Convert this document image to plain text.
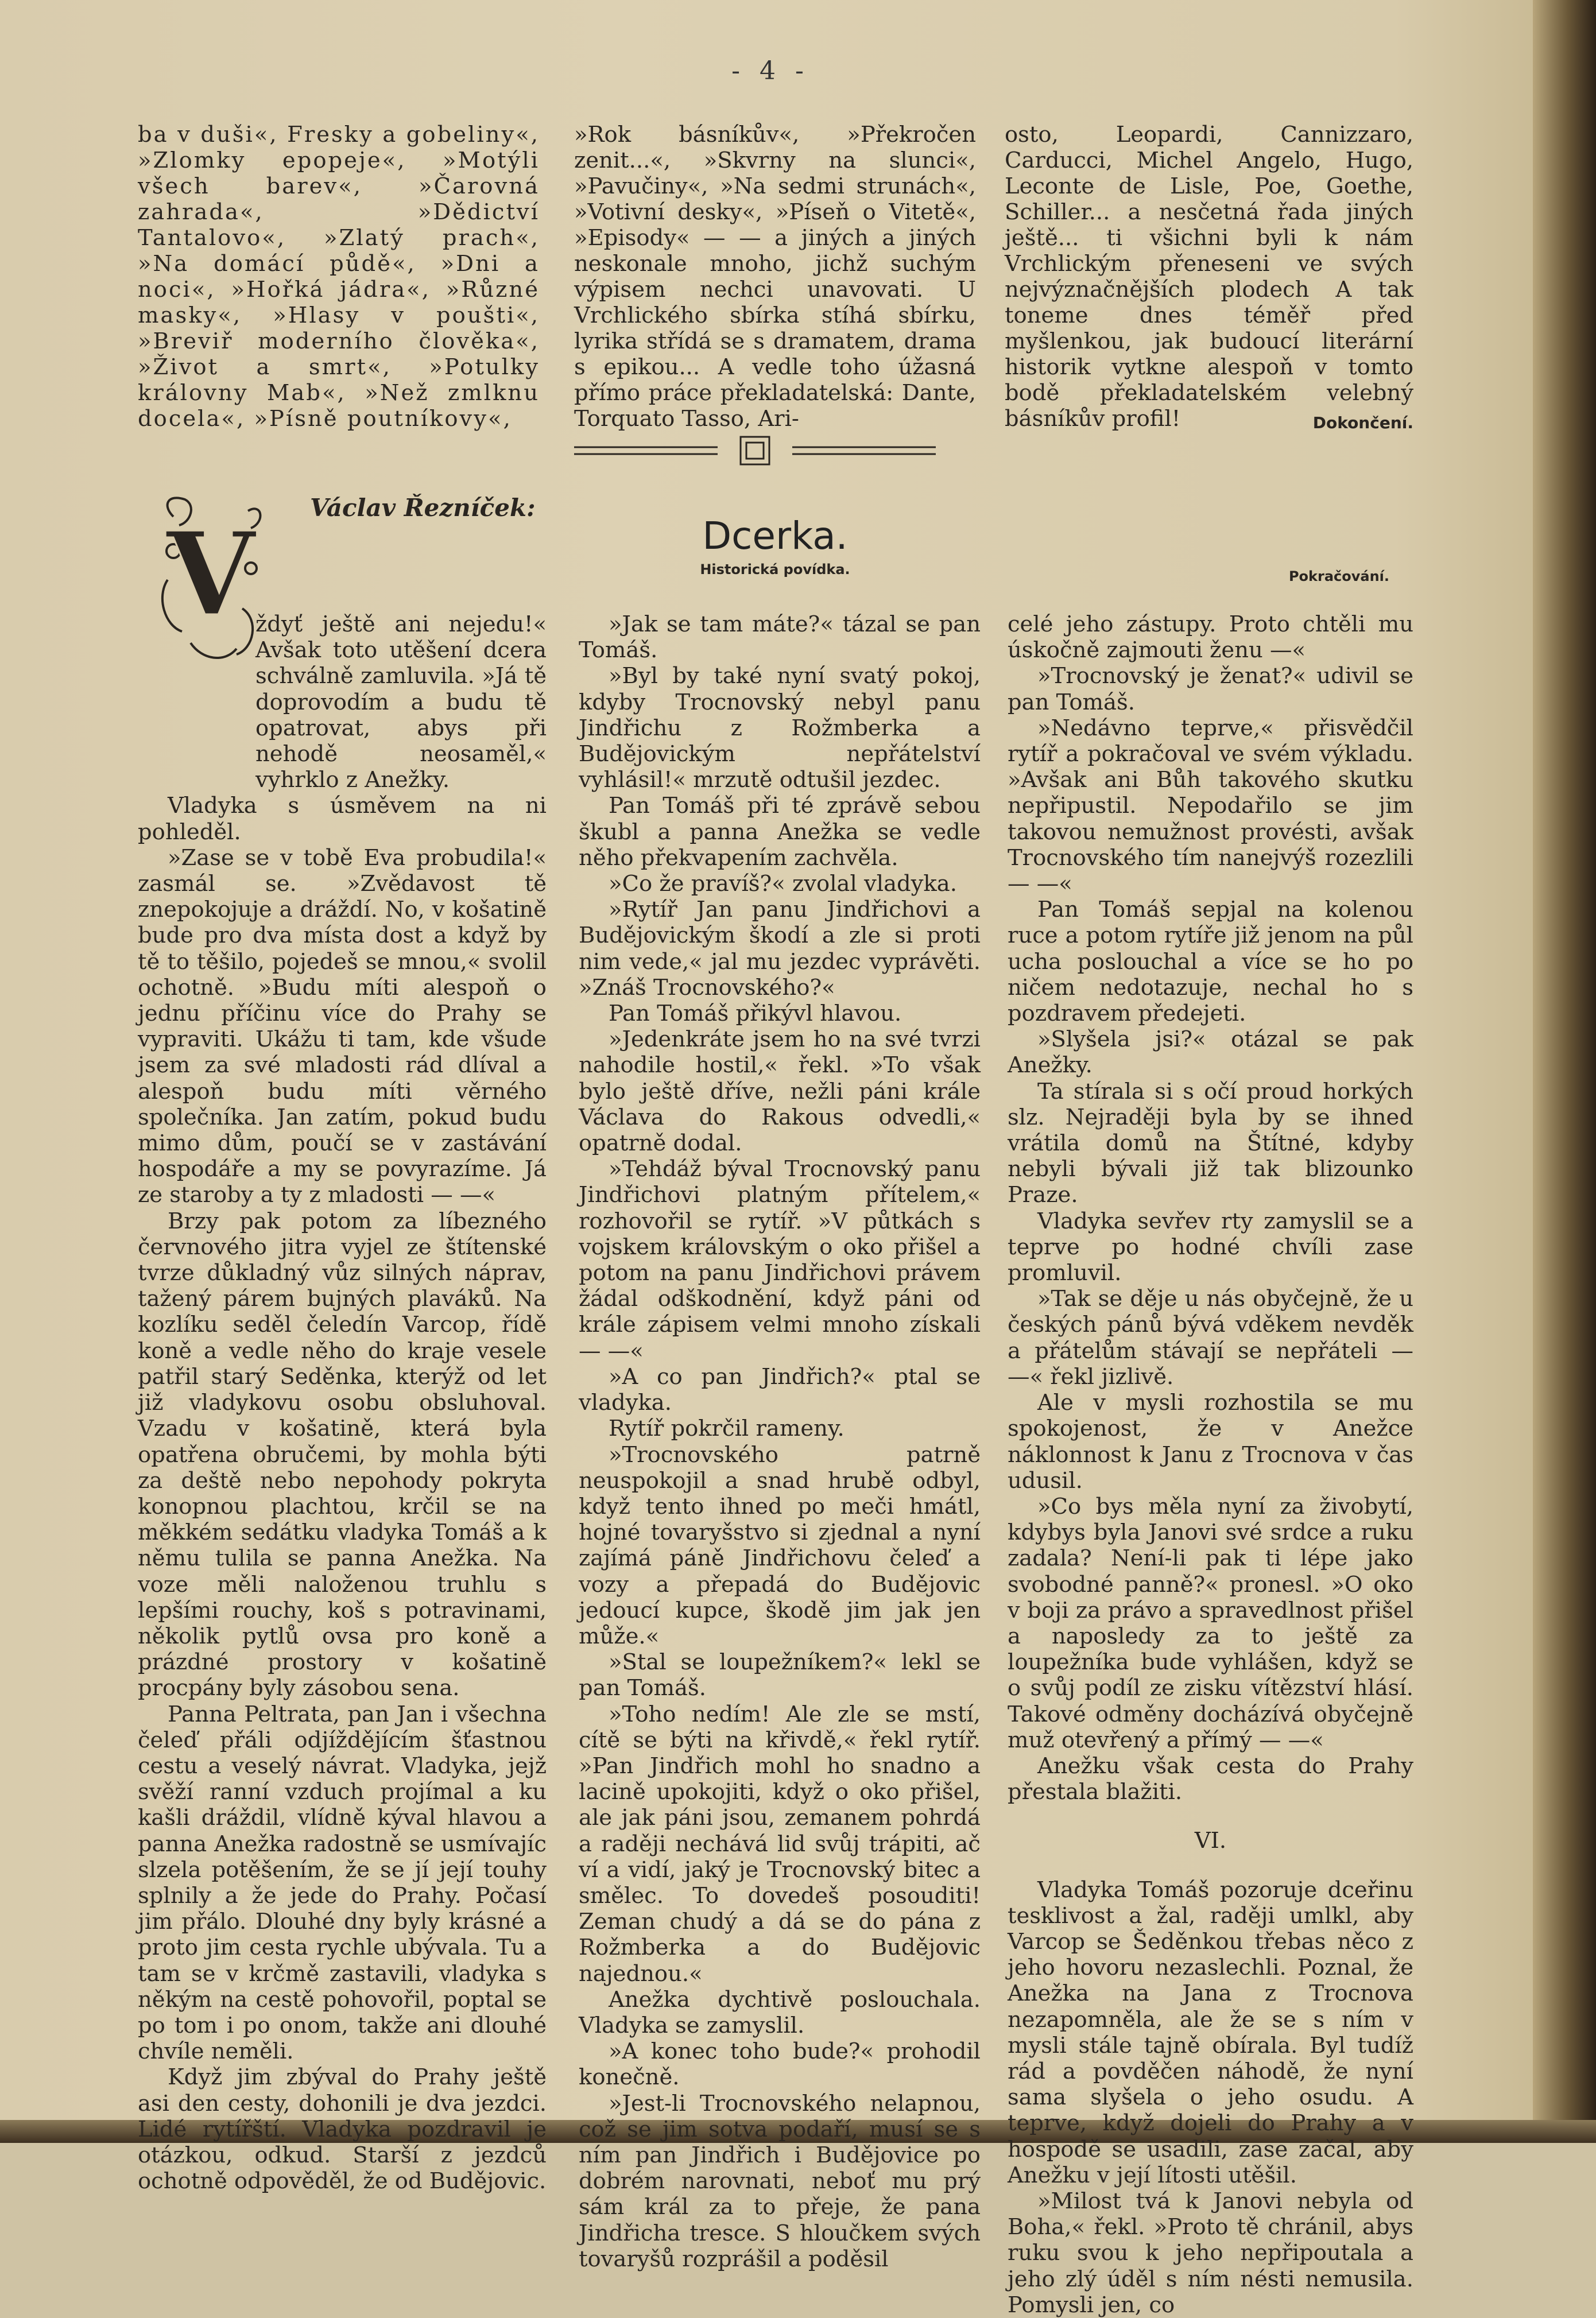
- 4 -

ba v duši«, Fresky a gobeliny«, »Zlomky epopeje«, »Motýli všech barev«, »Čarovná zahrada«, »Dědictví Tantalovo«, »Zlatý prach«, »Na domácí půdě«, »Dni a noci«, »Hořká jádra«, »Různé masky«, »Hlasy v poušti«, »Breviř moderního člověka«, »Život a smrt«, »Potulky královny Mab«, »Než zmlknu docela«, »Písně poutníkovy«,

»Rok básníkův«, »Překročen zenit...«, »Skvrny na slunci«, »Pavučiny«, »Na sedmi strunách«, »Votivní desky«, »Píseň o Vitetě«, »Episody« — — a jiných a jiných neskonale mnoho, jichž suchým výpisem nechci unavovati. U Vrchlického sbírka stíhá sbírku, lyrika střídá se s dramatem, drama s epikou... A vedle toho úžasná přímo práce překladatelská: Dante, Torquato Tasso, Ari-

osto, Leopardi, Cannizzaro, Carducci, Michel Angelo, Hugo, Leconte de Lisle, Poe, Goethe, Schiller... a nesčetná řada jiných ještě... ti všichni byli k nám Vrchlickým přeneseni ve svých nejvýznačnějších plodech A tak toneme dnes téměř před myšlenkou, jak budoucí literární historik vytkne alespoň v tomto bodě překladatelském velebný básníkův profil!	Dokončení.
Václav Řezníček:
Dcerka.
Historická povídka.	Pokračování.
V ždyť ještě ani nejedu!« Avšak toto utěšení dcera schválně zamluvila. »Já tě doprovodím a budu tě opatrovat, abys při nehodě neosaměl,« vyhrklo z Anežky.

Vladyka s úsměvem na ni pohleděl.

»Zase se v tobě Eva probudila!« zasmál se. »Zvědavost tě znepokojuje a dráždí. No, v košatině bude pro dva místa dost a když by tě to těšilo, pojedeš se mnou,« svolil ochotně. »Budu míti alespoň o jednu příčinu více do Prahy se vypraviti. Ukážu ti tam, kde všude jsem za své mladosti rád dlíval a alespoň budu míti věrného společníka. Jan zatím, pokud budu mimo dům, poučí se v zastávání hospodáře a my se povyrazíme. Já ze staroby a ty z mladosti — —«

Brzy pak potom za líbezného červnového jitra vyjel ze štítenské tvrze důkladný vůz silných náprav, tažený párem bujných plaváků. Na kozlíku seděl čeledín Varcop, řídě koně a vedle něho do kraje vesele patřil starý Seděnka, kterýž od let již vladykovu osobu obsluhoval. Vzadu v košatině, která byla opatřena obručemi, by mohla býti za deště nebo nepohody pokryta konopnou plachtou, krčil se na měkkém sedátku vladyka Tomáš a k němu tulila se panna Anežka. Na voze měli naloženou truhlu s lepšími rouchy, koš s potravinami, několik pytlů ovsa pro koně a prázdné prostory v košatině procpány byly zásobou sena.

Panna Peltrata, pan Jan i všechna čeleď přáli odjíždějícím šťastnou cestu a veselý návrat. Vladyka, jejž svěží ranní vzduch projímal a ku kašli dráždil, vlídně kýval hlavou a panna Anežka radostně se usmívajíc slzela potěšením, že se jí její touhy splnily a že jede do Prahy. Počasí jim přálo. Dlouhé dny byly krásné a proto jim cesta rychle ubývala. Tu a tam se v krčmě zastavili, vladyka s někým na cestě pohovořil, poptal se po tom i po onom, takže ani dlouhé chvíle neměli.

Když jim zbýval do Prahy ještě asi den cesty, dohonili je dva jezdci. Lidé rytířští. Vladyka pozdravil je otázkou, odkud. Starší z jezdců ochotně odpověděl, že od Budějovic.

»Jak se tam máte?« tázal se pan Tomáš.

»Byl by také nyní svatý pokoj, kdyby Trocnovský nebyl panu Jindřichu z Rožmberka a Budějovickým nepřátelství vyhlásil!« mrzutě odtušil jezdec.

Pan Tomáš při té zprávě sebou škubl a panna Anežka se vedle něho překvapením zachvěla.

»Co že pravíš?« zvolal vladyka.

»Rytíř Jan panu Jindřichovi a Budějovickým škodí a zle si proti nim vede,« jal mu jezdec vyprávěti. »Znáš Trocnovského?«

Pan Tomáš přikývl hlavou.

»Jedenkráte jsem ho na své tvrzi nahodile hostil,« řekl. »To však bylo ještě dříve, nežli páni krále Václava do Rakous odvedli,« opatrně dodal.

»Tehdáž býval Trocnovský panu Jindřichovi platným přítelem,« rozhovořil se rytíř. »V půtkách s vojskem královským o oko přišel a potom na panu Jindřichovi právem žádal odškodnění, když páni od krále zápisem velmi mnoho získali — —«

»A co pan Jindřich?« ptal se vladyka.

Rytíř pokrčil rameny.

»Trocnovského patrně neuspokojil a snad hrubě odbyl, když tento ihned po meči hmátl, hojné tovaryšstvo si zjednal a nyní zajímá páně Jindřichovu čeleď a vozy a přepadá do Budějovic jedoucí kupce, škodě jim jak jen může.«

»Stal se loupežníkem?« lekl se pan Tomáš.

»Toho nedím! Ale zle se mstí, cítě se býti na křivdě,« řekl rytíř. »Pan Jindřich mohl ho snadno a lacině upokojiti, když o oko přišel, ale jak páni jsou, zemanem pohrdá a raději nechává lid svůj trápiti, ač ví a vidí, jaký je Trocnovský bitec a smělec. To dovedeš posouditi! Zeman chudý a dá se do pána z Rožmberka a do Budějovic najednou.«

Anežka dychtivě poslouchala. Vladyka se zamyslil.

»A konec toho bude?« prohodil konečně.

»Jest-li Trocnovského nelapnou, což se jim sotva podaří, musí se s ním pan Jindřich i Budějovice po dobrém narovnati, neboť mu prý sám král za to přeje, že pana Jindřicha tresce. S hloučkem svých tovaryšů rozprášil a poděsil

celé jeho zástupy. Proto chtěli mu úskočně zajmouti ženu —«

»Trocnovský je ženat?« udivil se pan Tomáš.

»Nedávno teprve,« přisvědčil rytíř a pokračoval ve svém výkladu. »Avšak ani Bůh takového skutku nepřipustil. Nepodařilo se jim takovou nemužnost provésti, avšak Trocnovského tím nanejvýš rozezlili — —«

Pan Tomáš sepjal na kolenou ruce a potom rytíře již jenom na půl ucha poslouchal a více se ho po ničem nedotazuje, nechal ho s pozdravem předejeti.

»Slyšela jsi?« otázal se pak Anežky.

Ta stírala si s očí proud horkých slz. Nejraději byla by se ihned vrátila domů na Štítné, kdyby nebyli bývali již tak blizounko Praze.

Vladyka sevřev rty zamyslil se a teprve po hodné chvíli zase promluvil.

»Tak se děje u nás obyčejně, že u českých pánů bývá vděkem nevděk a přátelům stávají se nepřáteli — —« řekl jizlivě.

Ale v mysli rozhostila se mu spokojenost, že v Anežce náklonnost k Janu z Trocnova v čas udusil.

»Co bys měla nyní za živobytí, kdybys byla Janovi své srdce a ruku zadala? Není-li pak ti lépe jako svobodné panně?« pronesl. »O oko v boji za právo a spravedlnost přišel a naposledy za to ještě za loupežníka bude vyhlášen, když se o svůj podíl ze zisku vítězství hlásí. Takové odměny docházívá obyčejně muž otevřený a přímý — —«

Anežku však cesta do Prahy přestala blažiti.

VI.

Vladyka Tomáš pozoruje dceřinu tesklivost a žal, raději umlkl, aby Varcop se Šeděnkou třebas něco z jeho hovoru nezaslechli. Poznal, že Anežka na Jana z Trocnova nezapomněla, ale že se s ním v mysli stále tajně obírala. Byl tudíž rád a povděčen náhodě, že nyní sama slyšela o jeho osudu. A teprve, když dojeli do Prahy a v hospodě se usadili, zase začal, aby Anežku v její lítosti utěšil.

»Milost tvá k Janovi nebyla od Boha,« řekl. »Proto tě chránil, abys ruku svou k jeho nepřipoutala a jeho zlý úděl s ním nésti nemusila. Pomysli jen, co
